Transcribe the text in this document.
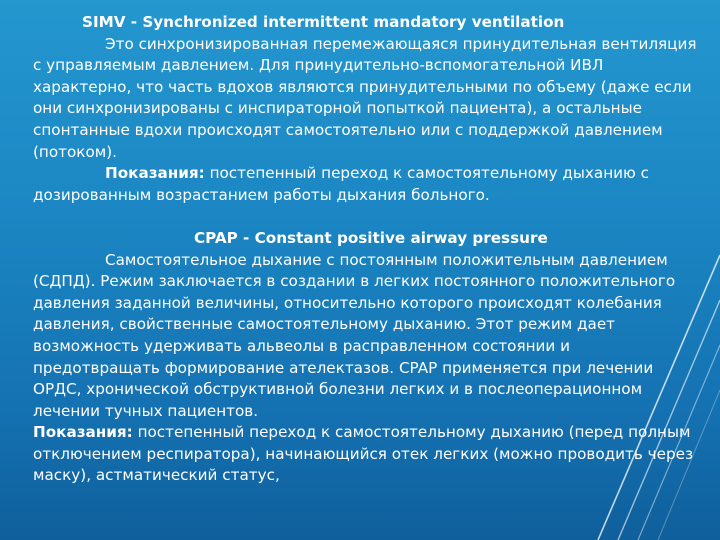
SIMV - Synchronized intermittent mandatory ventilation

Это синхронизированная перемежающаяся принудительная вентиляция с управляемым давлением. Для принудительно-вспомогательной ИВЛ характерно, что часть вдохов являются принудительными по объему (даже если они синхронизированы с инспираторной попыткой пациента), а остальные спонтанные вдохи происходят самостоятельно или с поддержкой давлением (потоком).

Показания: постепенный переход к самостоятельному дыханию с дозированным возрастанием работы дыхания больного.

CPAP - Constant positive airway pressure

Самостоятельное дыхание с постоянным положительным давлением (СДПД). Режим заключается в создании в легких постоянного положительного давления заданной величины, относительно которого происходят колебания давления, свойственные самостоятельному дыханию. Этот режим дает возможность удерживать альвеолы в расправленном состоянии и предотвращать формирование ателектазов. CPAP применяется при лечении ОРДС, хронической обструктивной болезни легких и в послеоперационном лечении тучных пациентов.

Показания: постепенный переход к самостоятельному дыханию (перед полным отключением респиратора), начинающийся отек легких (можно проводить через маску), астматический статус,
